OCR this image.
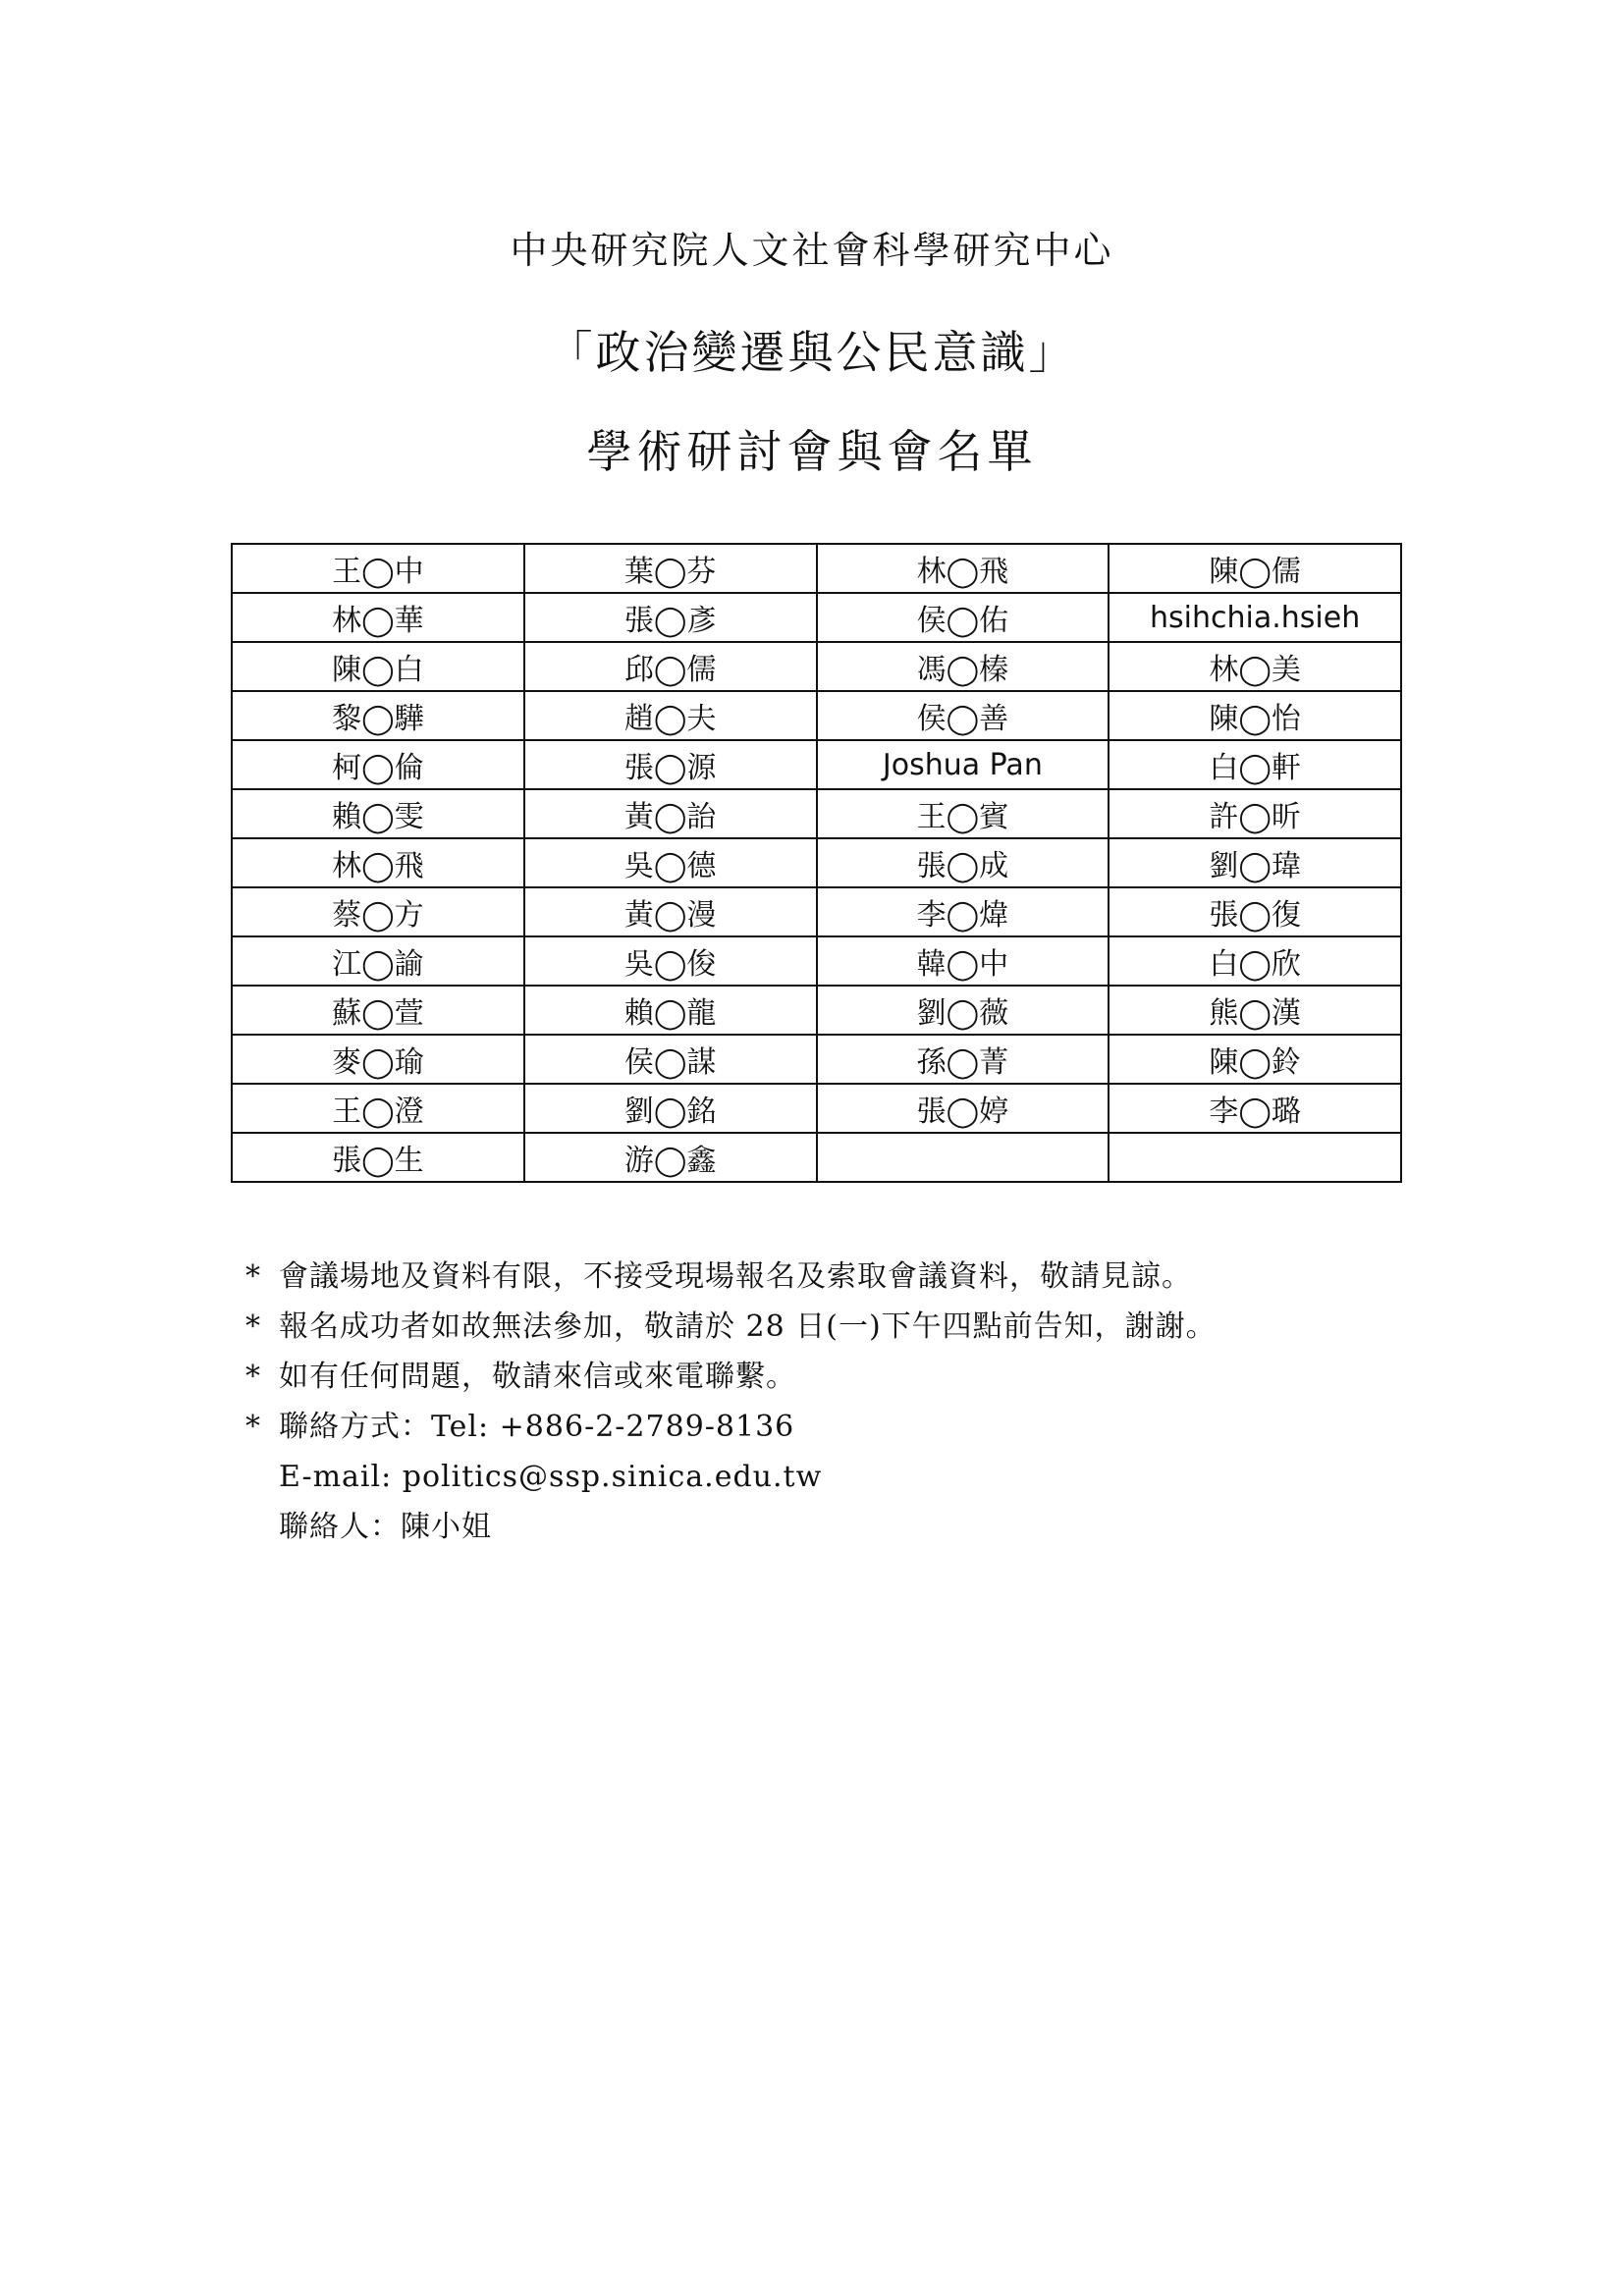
中央研究院人文社會科學研究中心
「政治變遷與公民意識」
學術研討會與會名單
王◯中	葉◯芬	林◯飛	陳◯儒
林◯華	張◯彥	侯◯佑	hsihchia.hsieh
陳◯白	邱◯儒	馮◯榛	林◯美
黎◯驊	趙◯夫	侯◯善	陳◯怡
柯◯倫	張◯源	Joshua Pan	白◯軒
賴◯雯	黃◯詒	王◯賓	許◯昕
林◯飛	吳◯德	張◯成	劉◯瑋
蔡◯方	黃◯漫	李◯煒	張◯復
江◯諭	吳◯俊	韓◯中	白◯欣
蘇◯萱	賴◯龍	劉◯薇	熊◯漢
麥◯瑜	侯◯謀	孫◯菁	陳◯鈴
王◯澄	劉◯銘	張◯婷	李◯璐
張◯生	游◯鑫		
* 會議場地及資料有限，不接受現場報名及索取會議資料，敬請見諒。
* 報名成功者如故無法參加，敬請於 28 日(一)下午四點前告知，謝謝。
* 如有任何問題，敬請來信或來電聯繫。
* 聯絡方式：Tel: +886-2-2789-8136
E-mail: politics@ssp.sinica.edu.tw
聯絡人：陳小姐
